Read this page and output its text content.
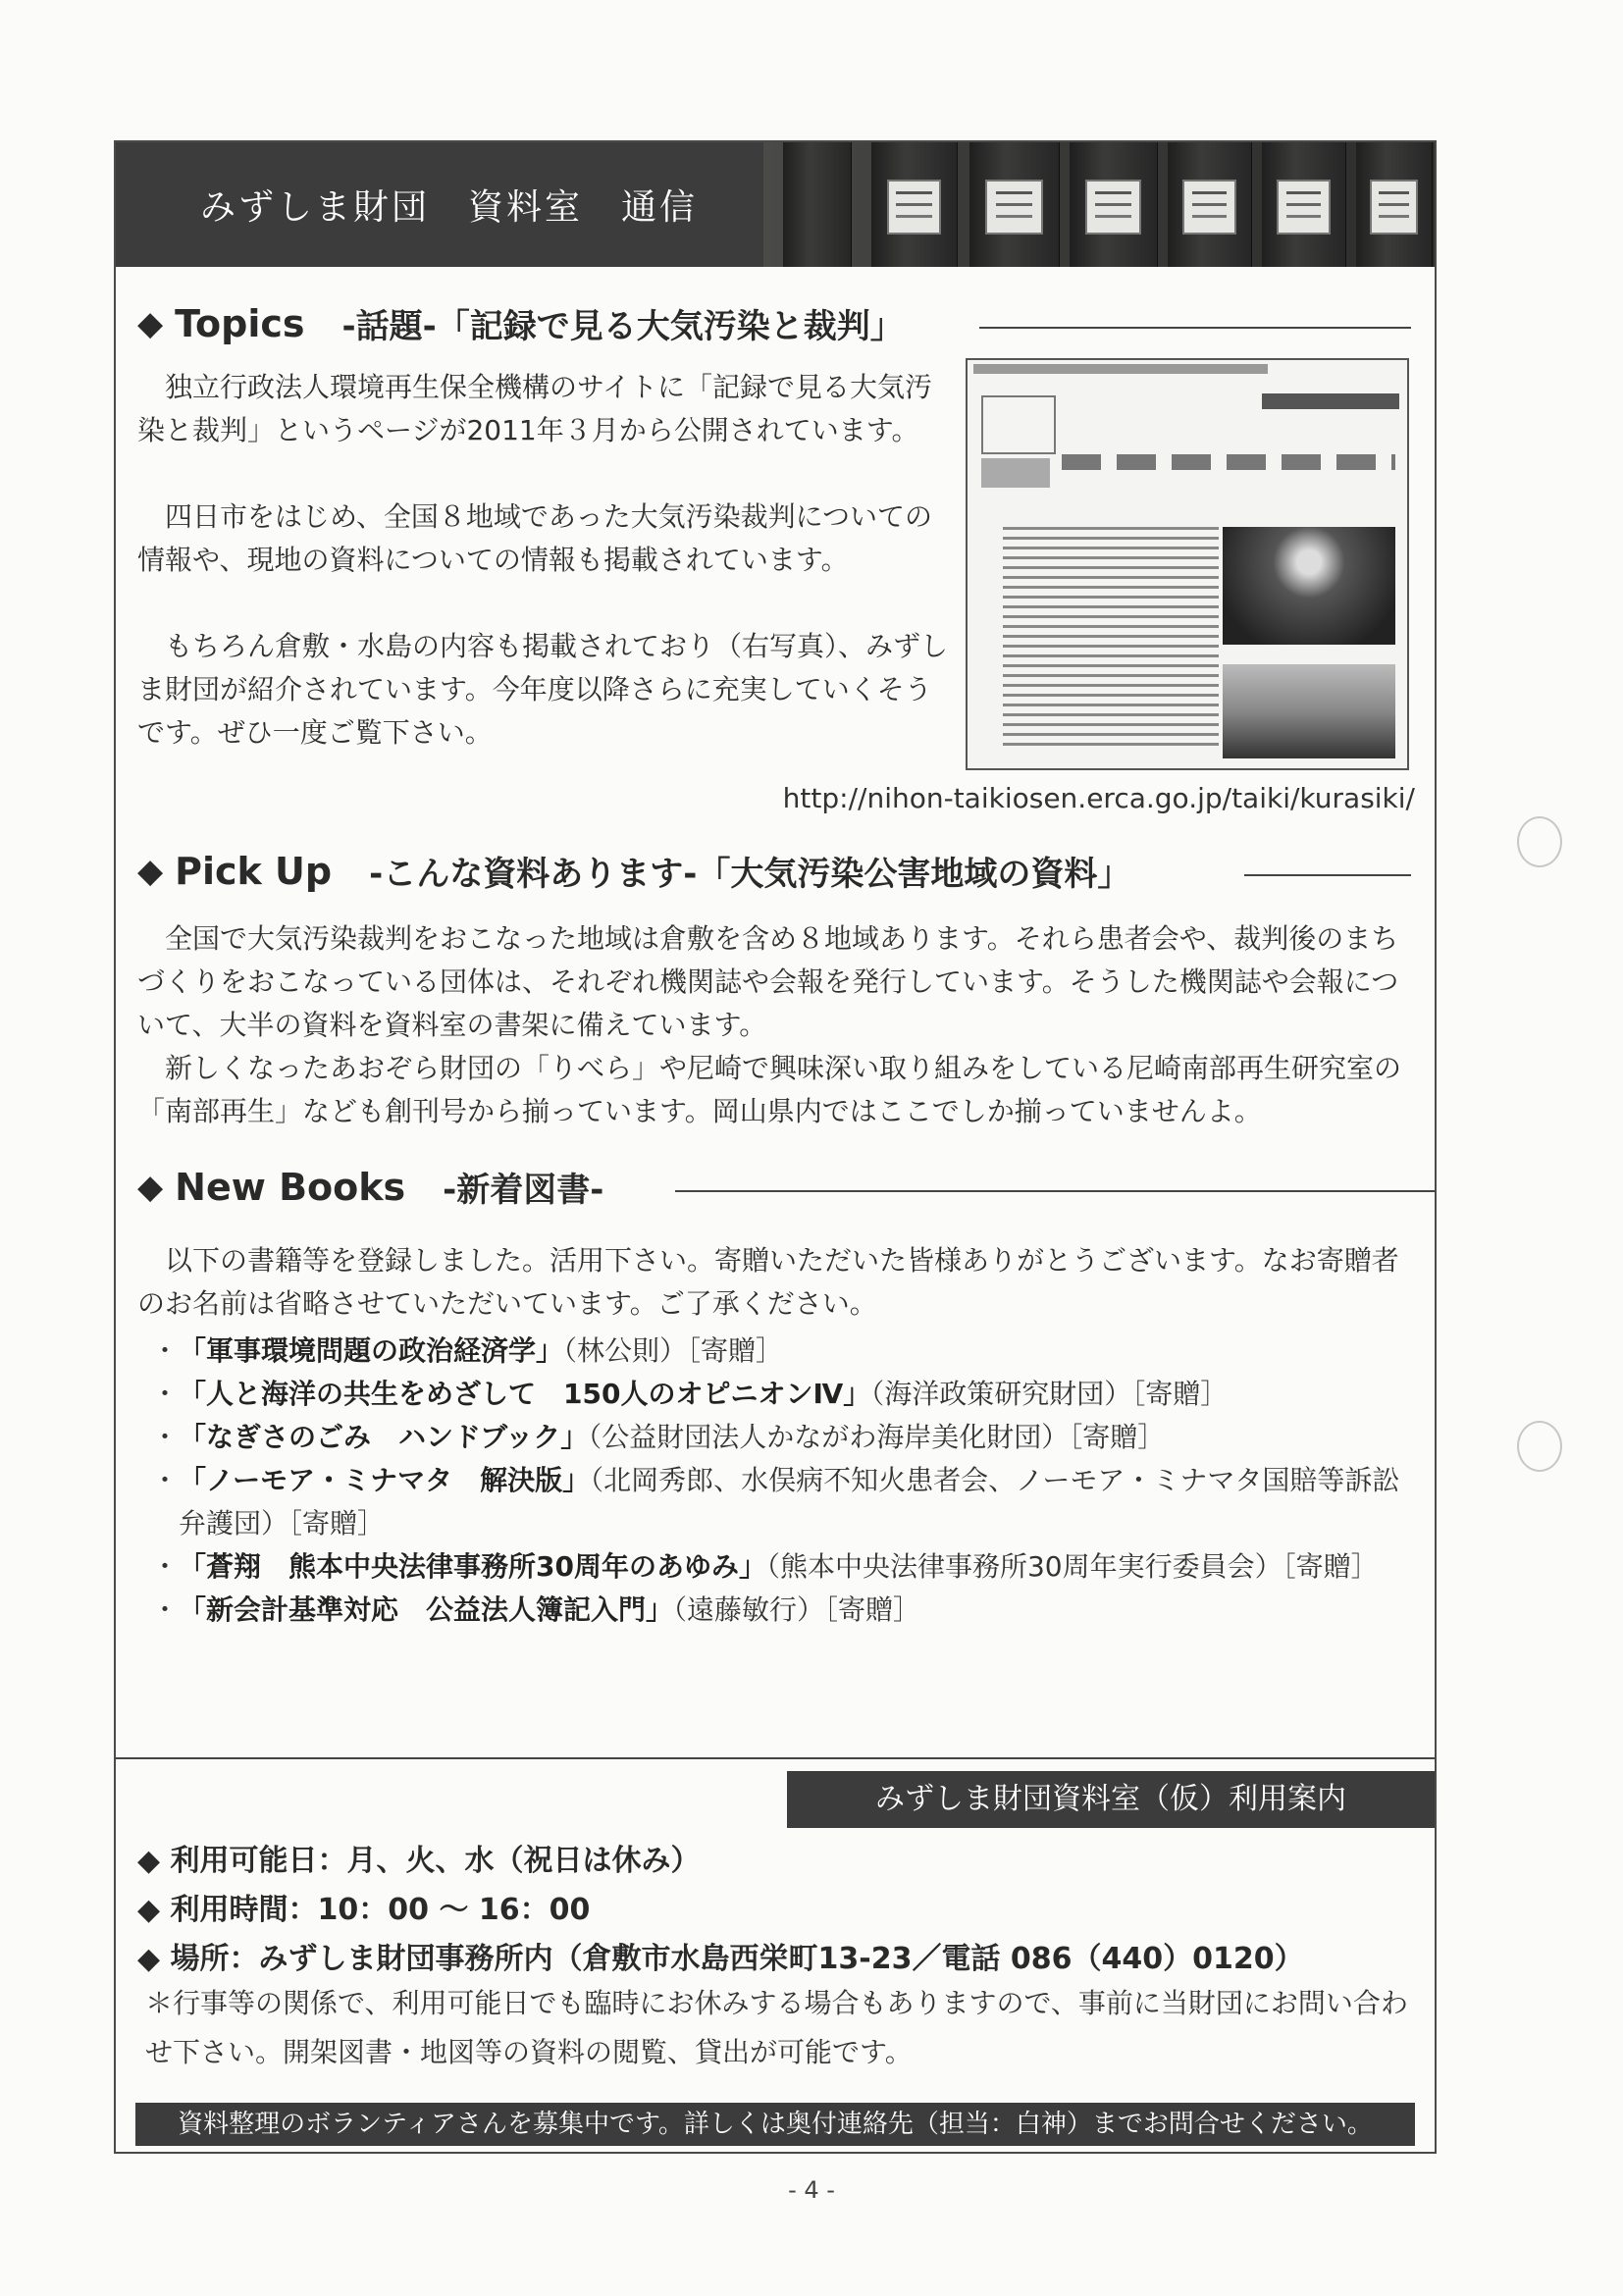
みずしま財団　資料室　通信
◆ Topics -話題-「記録で見る大気汚染と裁判」
独立行政法人環境再生保全機構のサイトに「記録で見る大気汚染と裁判」というページが2011年３月から公開されています。
四日市をはじめ、全国８地域であった大気汚染裁判についての情報や、現地の資料についての情報も掲載されています。
もちろん倉敷・水島の内容も掲載されており（右写真）、みずしま財団が紹介されています。今年度以降さらに充実していくそうです。ぜひ一度ご覧下さい。
http://nihon-taikiosen.erca.go.jp/taiki/kurasiki/
◆ Pick Up -こんな資料あります-「大気汚染公害地域の資料」
全国で大気汚染裁判をおこなった地域は倉敷を含め８地域あります。それら患者会や、裁判後のまちづくりをおこなっている団体は、それぞれ機関誌や会報を発行しています。そうした機関誌や会報について、大半の資料を資料室の書架に備えています。
新しくなったあおぞら財団の「りべら」や尼崎で興味深い取り組みをしている尼崎南部再生研究室の「南部再生」なども創刊号から揃っています。岡山県内ではここでしか揃っていませんよ。
◆ New Books -新着図書-
以下の書籍等を登録しました。活用下さい。寄贈いただいた皆様ありがとうございます。なお寄贈者のお名前は省略させていただいています。ご了承ください。
・ 「軍事環境問題の政治経済学」（林公則）［寄贈］
・ 「人と海洋の共生をめざして　150人のオピニオンⅣ」（海洋政策研究財団）［寄贈］
・ 「なぎさのごみ　ハンドブック」（公益財団法人かながわ海岸美化財団）［寄贈］
・ 「ノーモア・ミナマタ　解決版」（北岡秀郎、水俣病不知火患者会、ノーモア・ミナマタ国賠等訴訟弁護団）［寄贈］
・ 「蒼翔　熊本中央法律事務所30周年のあゆみ」（熊本中央法律事務所30周年実行委員会）［寄贈］
・ 「新会計基準対応　公益法人簿記入門」（遠藤敏行）［寄贈］
みずしま財団資料室（仮）利用案内
◆ 利用可能日：月、火、水（祝日は休み）
◆ 利用時間：10：00 ～ 16：00
◆ 場所：みずしま財団事務所内（倉敷市水島西栄町13-23／電話 086（440）0120）
＊行事等の関係で、利用可能日でも臨時にお休みする場合もありますので、事前に当財団にお問い合わせ下さい。開架図書・地図等の資料の閲覧、貸出が可能です。
資料整理のボランティアさんを募集中です。詳しくは奥付連絡先（担当：白神）までお問合せください。
- 4 -
